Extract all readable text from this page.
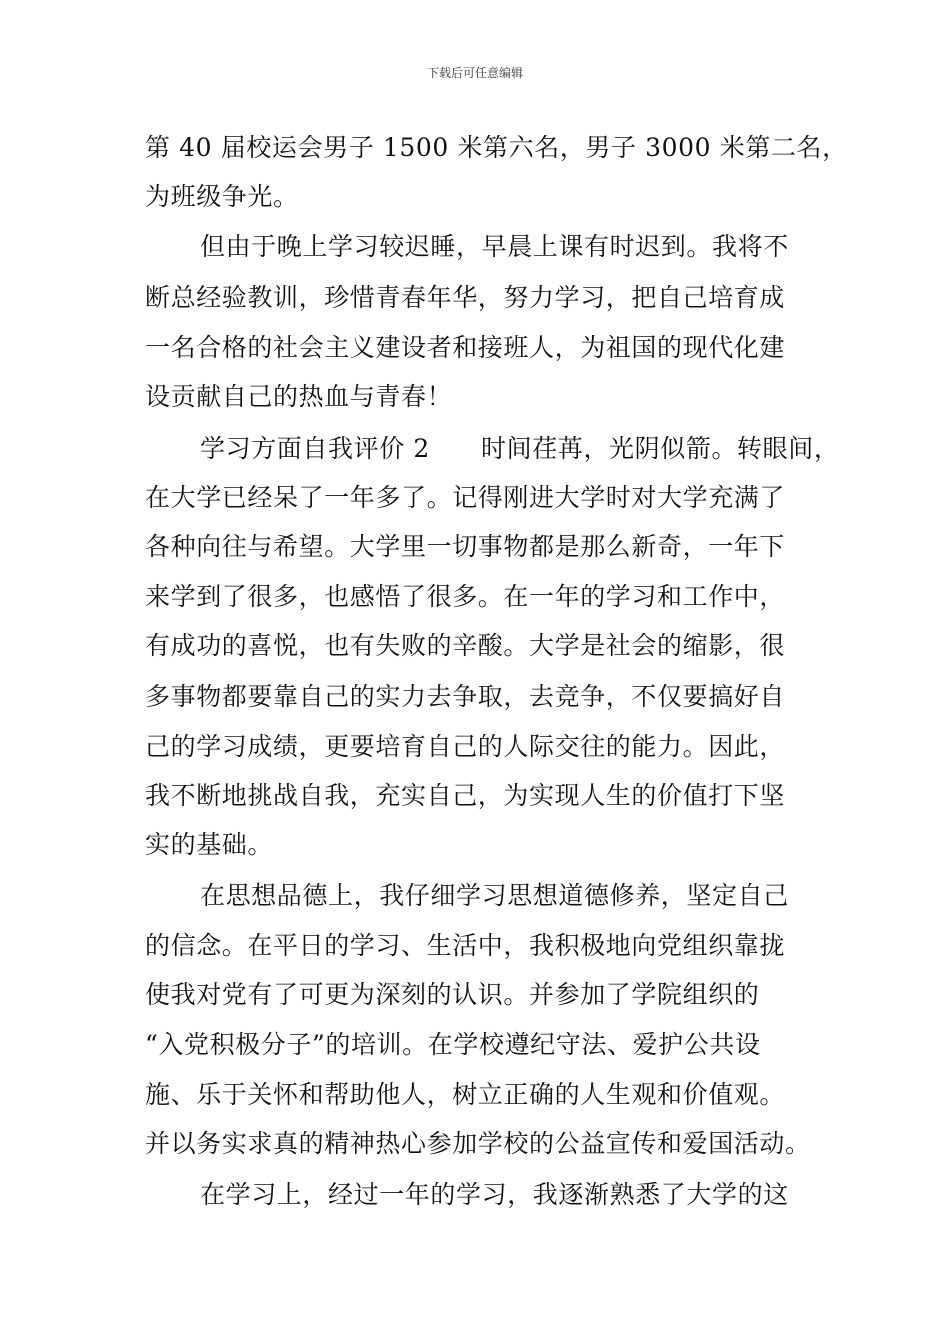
下载后可任意编辑
第 40 届校运会男子 1500 米第六名，男子 3000 米第二名，
为班级争光。
但由于晚上学习较迟睡，早晨上课有时迟到。我将不
断总经验教训，珍惜青春年华，努力学习，把自己培育成
一名合格的社会主义建设者和接班人，为祖国的现代化建
设贡献自己的热血与青春！
学习方面自我评价 2　　时间荏苒，光阴似箭。转眼间，
在大学已经呆了一年多了。记得刚进大学时对大学充满了
各种向往与希望。大学里一切事物都是那么新奇，一年下
来学到了很多，也感悟了很多。在一年的学习和工作中，
有成功的喜悦，也有失败的辛酸。大学是社会的缩影，很
多事物都要靠自己的实力去争取，去竞争，不仅要搞好自
己的学习成绩，更要培育自己的人际交往的能力。因此，
我不断地挑战自我，充实自己，为实现人生的价值打下坚
实的基础。
在思想品德上，我仔细学习思想道德修养，坚定自己
的信念。在平日的学习、生活中，我积极地向党组织靠拢
使我对党有了可更为深刻的认识。并参加了学院组织的
“入党积极分子”的培训。在学校遵纪守法、爱护公共设
施、乐于关怀和帮助他人，树立正确的人生观和价值观。
并以务实求真的精神热心参加学校的公益宣传和爱国活动。
在学习上，经过一年的学习，我逐渐熟悉了大学的这
